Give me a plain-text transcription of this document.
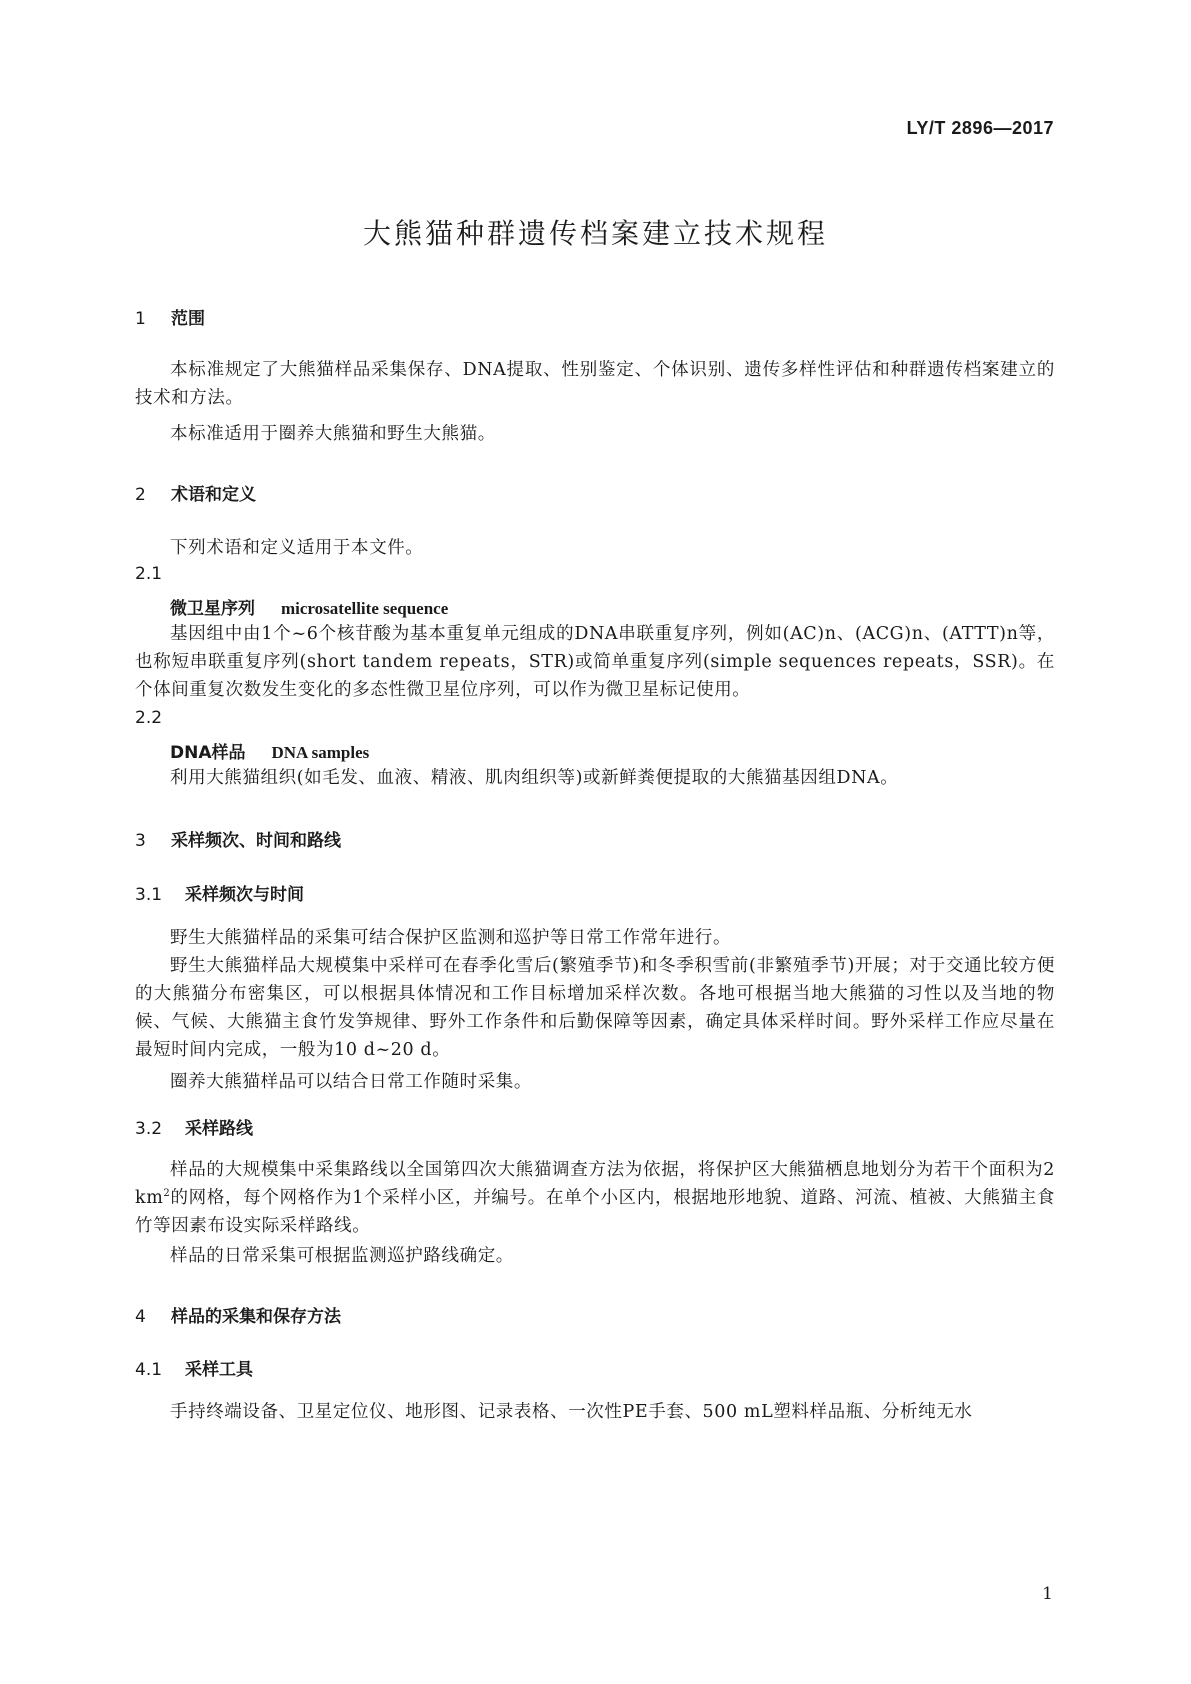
LY/T 2896—2017
大熊猫种群遗传档案建立技术规程
1 范围

本标准规定了大熊猫样品采集保存、DNA提取、性别鉴定、个体识别、遗传多样性评估和种群遗传档案建立的技术和方法。

本标准适用于圈养大熊猫和野生大熊猫。

2 术语和定义

下列术语和定义适用于本文件。

2.1
微卫星序列 microsatellite sequence

基因组中由1个~6个核苷酸为基本重复单元组成的DNA串联重复序列，例如(AC)n、(ACG)n、(ATTT)n等，也称短串联重复序列(short tandem repeats，STR)或简单重复序列(simple sequences repeats，SSR)。在个体间重复次数发生变化的多态性微卫星位序列，可以作为微卫星标记使用。

2.2
DNA样品 DNA samples

利用大熊猫组织(如毛发、血液、精液、肌肉组织等)或新鲜粪便提取的大熊猫基因组DNA。

3 采样频次、时间和路线
3.1 采样频次与时间

野生大熊猫样品的采集可结合保护区监测和巡护等日常工作常年进行。

野生大熊猫样品大规模集中采样可在春季化雪后(繁殖季节)和冬季积雪前(非繁殖季节)开展；对于交通比较方便的大熊猫分布密集区，可以根据具体情况和工作目标增加采样次数。各地可根据当地大熊猫的习性以及当地的物候、气候、大熊猫主食竹发笋规律、野外工作条件和后勤保障等因素，确定具体采样时间。野外采样工作应尽量在最短时间内完成，一般为10 d~20 d。

圈养大熊猫样品可以结合日常工作随时采集。

3.2 采样路线

样品的大规模集中采集路线以全国第四次大熊猫调查方法为依据，将保护区大熊猫栖息地划分为若干个面积为2 $km^2$的网格，每个网格作为1个采样小区，并编号。在单个小区内，根据地形地貌、道路、河流、植被、大熊猫主食竹等因素布设实际采样路线。

样品的日常采集可根据监测巡护路线确定。

4 样品的采集和保存方法
4.1 采样工具

手持终端设备、卫星定位仪、地形图、记录表格、一次性PE手套、500 mL塑料样品瓶、分析纯无水

1
